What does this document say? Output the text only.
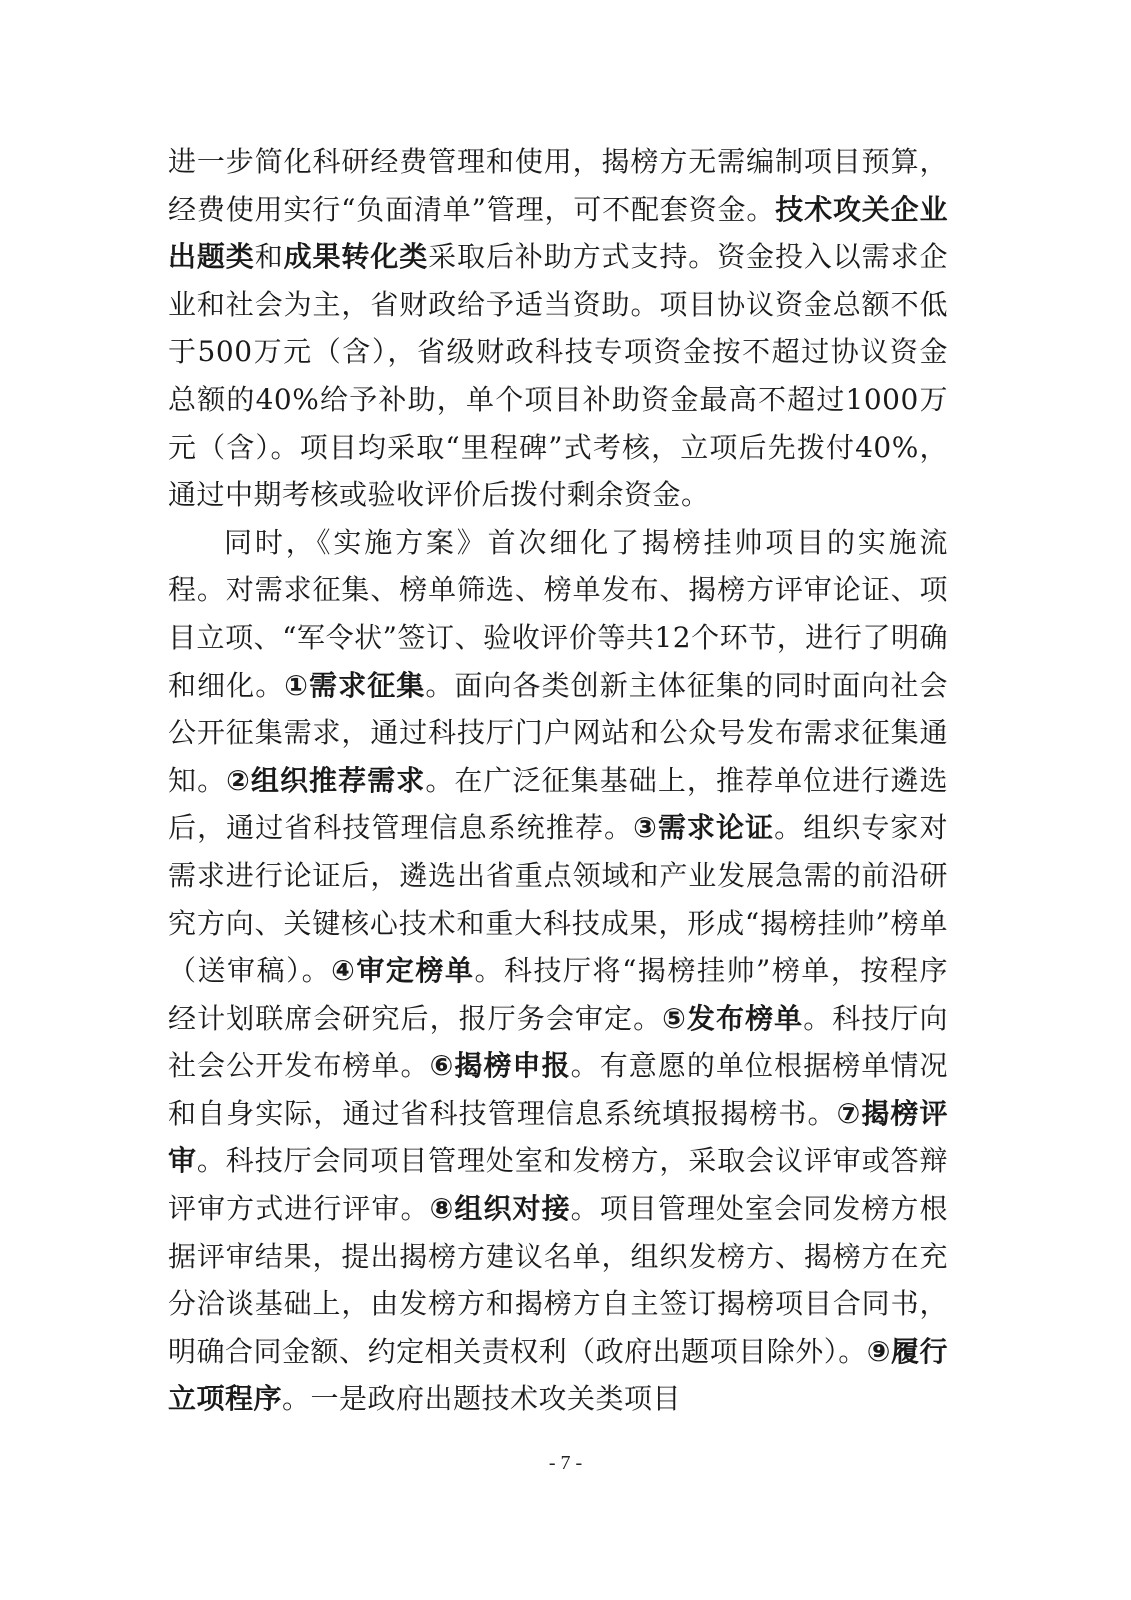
进一步简化科研经费管理和使用，揭榜方无需编制项目预算，经费使用实行“负面清单”管理，可不配套资金。技术攻关企业出题类和成果转化类采取后补助方式支持。资金投入以需求企业和社会为主，省财政给予适当资助。项目协议资金总额不低于500万元（含），省级财政科技专项资金按不超过协议资金总额的40%给予补助，单个项目补助资金最高不超过1000万元（含）。项目均采取“里程碑”式考核，立项后先拨付40%，通过中期考核或验收评价后拨付剩余资金。

同时，《实施方案》首次细化了揭榜挂帅项目的实施流程。对需求征集、榜单筛选、榜单发布、揭榜方评审论证、项目立项、“军令状”签订、验收评价等共12个环节，进行了明确和细化。①需求征集。面向各类创新主体征集的同时面向社会公开征集需求，通过科技厅门户网站和公众号发布需求征集通知。②组织推荐需求。在广泛征集基础上，推荐单位进行遴选后，通过省科技管理信息系统推荐。③需求论证。组织专家对需求进行论证后，遴选出省重点领域和产业发展急需的前沿研究方向、关键核心技术和重大科技成果，形成“揭榜挂帅”榜单（送审稿）。④审定榜单。科技厅将“揭榜挂帅”榜单，按程序经计划联席会研究后，报厅务会审定。⑤发布榜单。科技厅向社会公开发布榜单。⑥揭榜申报。有意愿的单位根据榜单情况和自身实际，通过省科技管理信息系统填报揭榜书。⑦揭榜评审。科技厅会同项目管理处室和发榜方，采取会议评审或答辩评审方式进行评审。⑧组织对接。项目管理处室会同发榜方根据评审结果，提出揭榜方建议名单，组织发榜方、揭榜方在充分洽谈基础上，由发榜方和揭榜方自主签订揭榜项目合同书，明确合同金额、约定相关责权利（政府出题项目除外）。⑨履行立项程序。一是政府出题技术攻关类项目

- 7 -
